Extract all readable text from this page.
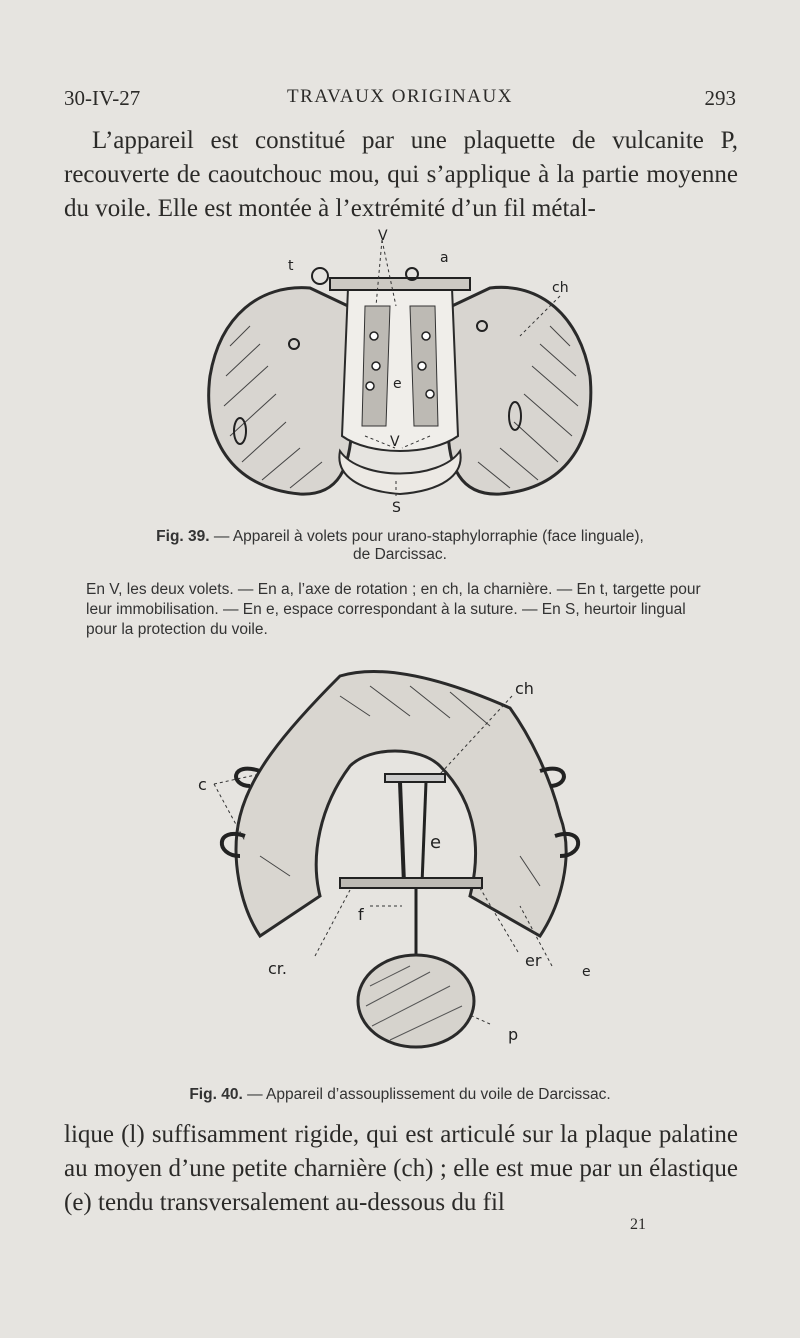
30-IV-27	TRAVAUX ORIGINAUX	293

L’appareil est constitué par une plaquette de vulcanite P, recouverte de caoutchouc mou, qui s’applique à la partie moyenne du voile. Elle est montée à l’extrémité d’un fil métal-

V
t	a
ch
e
V
S
Fig. 39. — Appareil à volets pour urano-staphylorraphie (face linguale),
de Darcissac.

En V, les deux volets. — En a, l’axe de rotation ; en ch, la charnière. — En t, targette pour leur immobilisation. — En e, espace correspondant à la suture. — En S, heurtoir lingual pour la protection du voile.

ch
c
e
f
cr.	er
e
p
Fig. 40. — Appareil d’assouplissement du voile de Darcissac.

lique (l) suffisamment rigide, qui est articulé sur la plaque palatine au moyen d’une petite charnière (ch) ; elle est mue par un élastique (e) tendu transversalement au-dessous du fil

21
